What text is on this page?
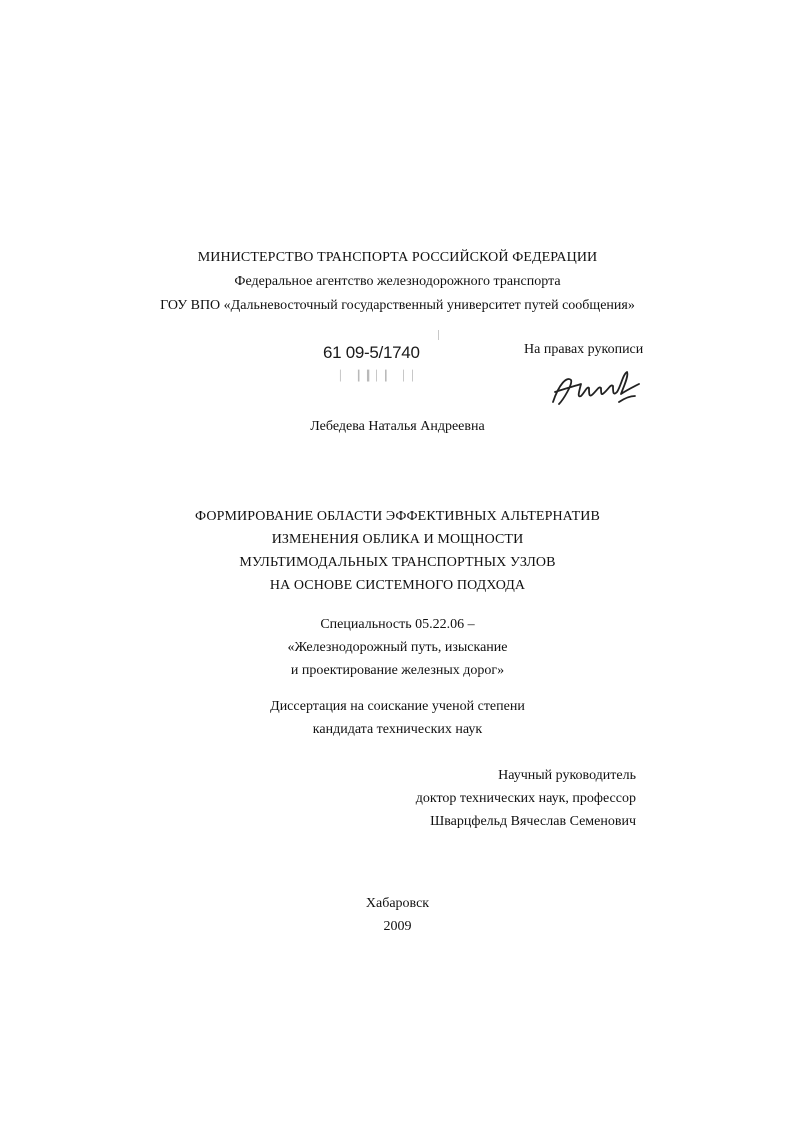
МИНИСТЕРСТВО ТРАНСПОРТА РОССИЙСКОЙ ФЕДЕРАЦИИ
Федеральное агентство железнодорожного транспорта
ГОУ ВПО «Дальневосточный государственный университет путей сообщения»
61 09-5/1740
▏ ▎▍▏▎ ▏▏
На правах рукописи
Лебедева Наталья Андреевна
ФОРМИРОВАНИЕ ОБЛАСТИ ЭФФЕКТИВНЫХ АЛЬТЕРНАТИВ
ИЗМЕНЕНИЯ ОБЛИКА И МОЩНОСТИ
МУЛЬТИМОДАЛЬНЫХ ТРАНСПОРТНЫХ УЗЛОВ
НА ОСНОВЕ СИСТЕМНОГО ПОДХОДА
Специальность 05.22.06 –
«Железнодорожный путь, изыскание
и проектирование железных дорог»
Диссертация на соискание ученой степени
кандидата технических наук
Научный руководитель
доктор технических наук, профессор
Шварцфельд Вячеслав Семенович
Хабаровск
2009
